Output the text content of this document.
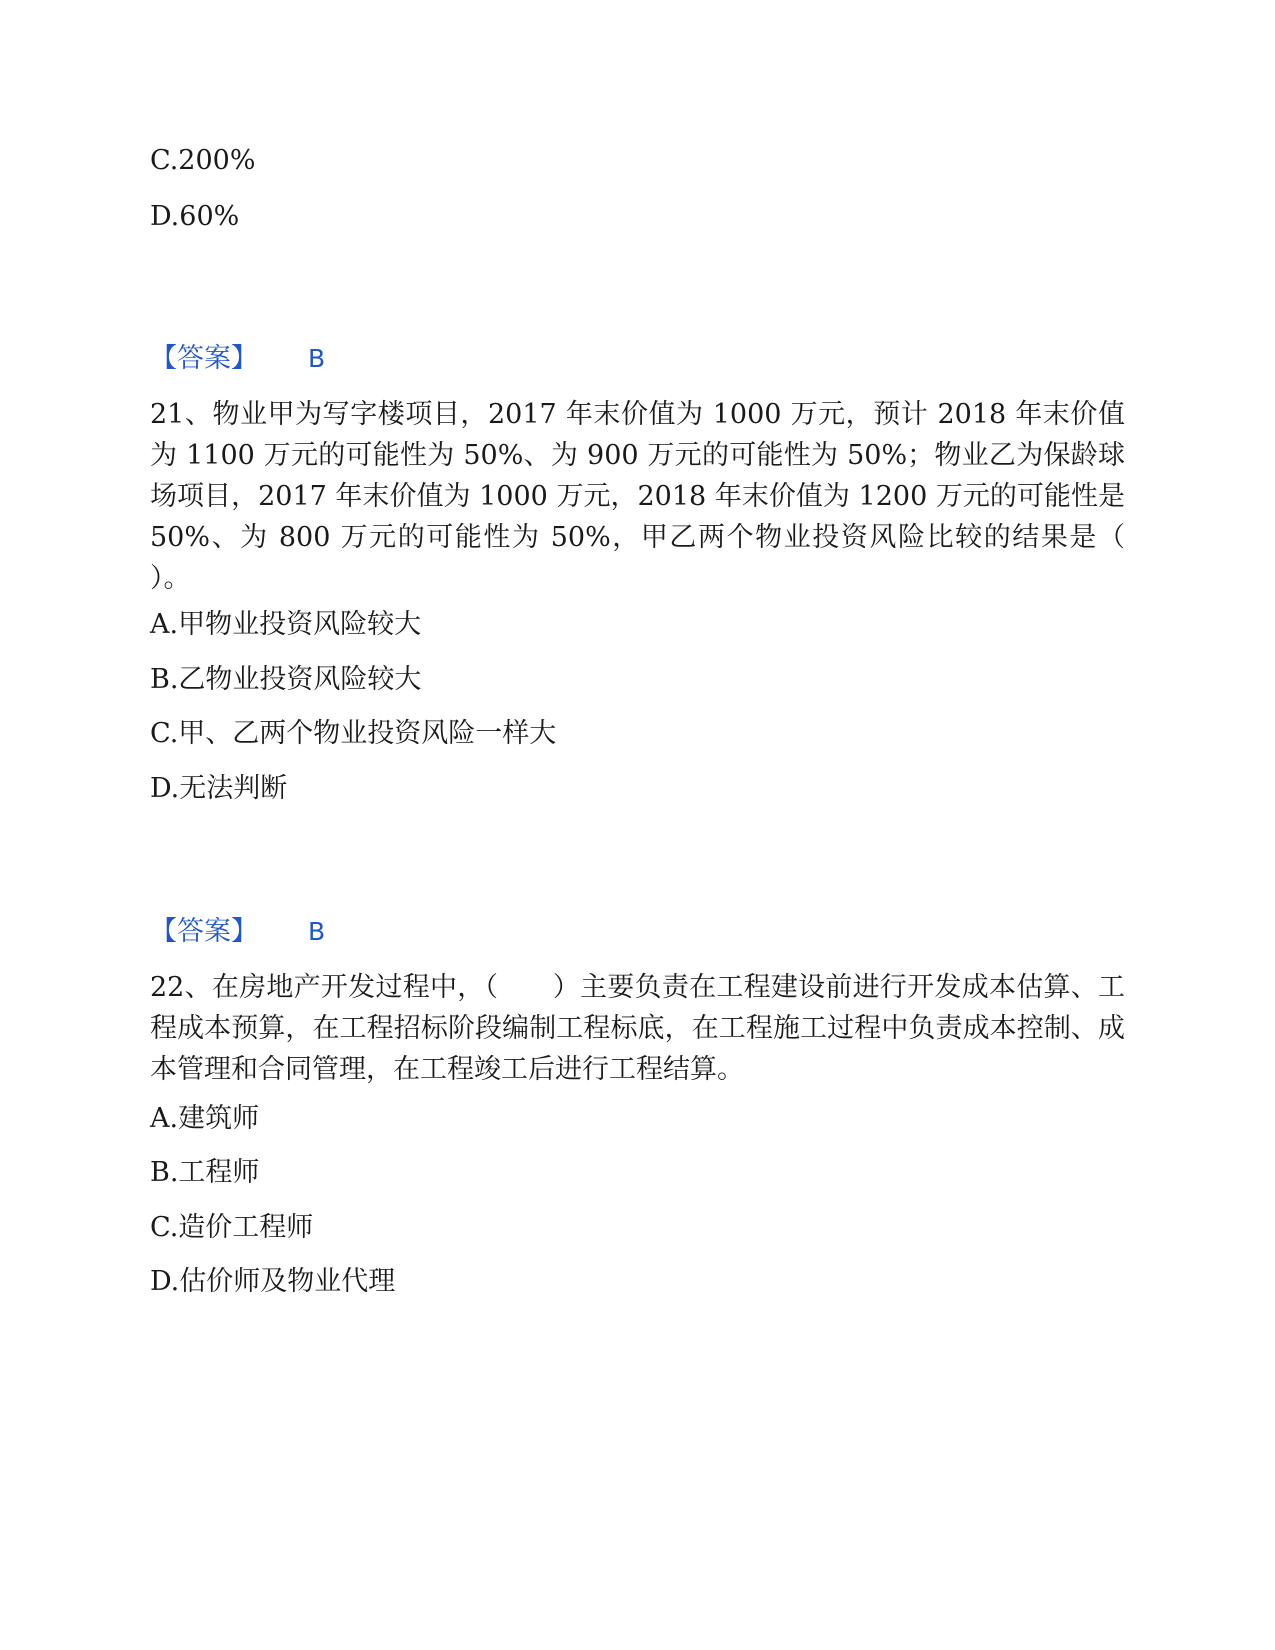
C.200%
D.60%
【答案】 B
21、物业甲为写字楼项目，2017 年末价值为 1000 万元，预计 2018 年末价值为 1100 万元的可能性为 50%、为 900 万元的可能性为 50%；物业乙为保龄球场项目，2017 年末价值为 1000 万元，2018 年末价值为 1200 万元的可能性是 50%、为 800 万元的可能性为 50%，甲乙两个物业投资风险比较的结果是（ ）。
A.甲物业投资风险较大
B.乙物业投资风险较大
C.甲、乙两个物业投资风险一样大
D.无法判断
【答案】 B
22、在房地产开发过程中，（　　）主要负责在工程建设前进行开发成本估算、工程成本预算，在工程招标阶段编制工程标底，在工程施工过程中负责成本控制、成本管理和合同管理，在工程竣工后进行工程结算。
A.建筑师
B.工程师
C.造价工程师
D.估价师及物业代理
